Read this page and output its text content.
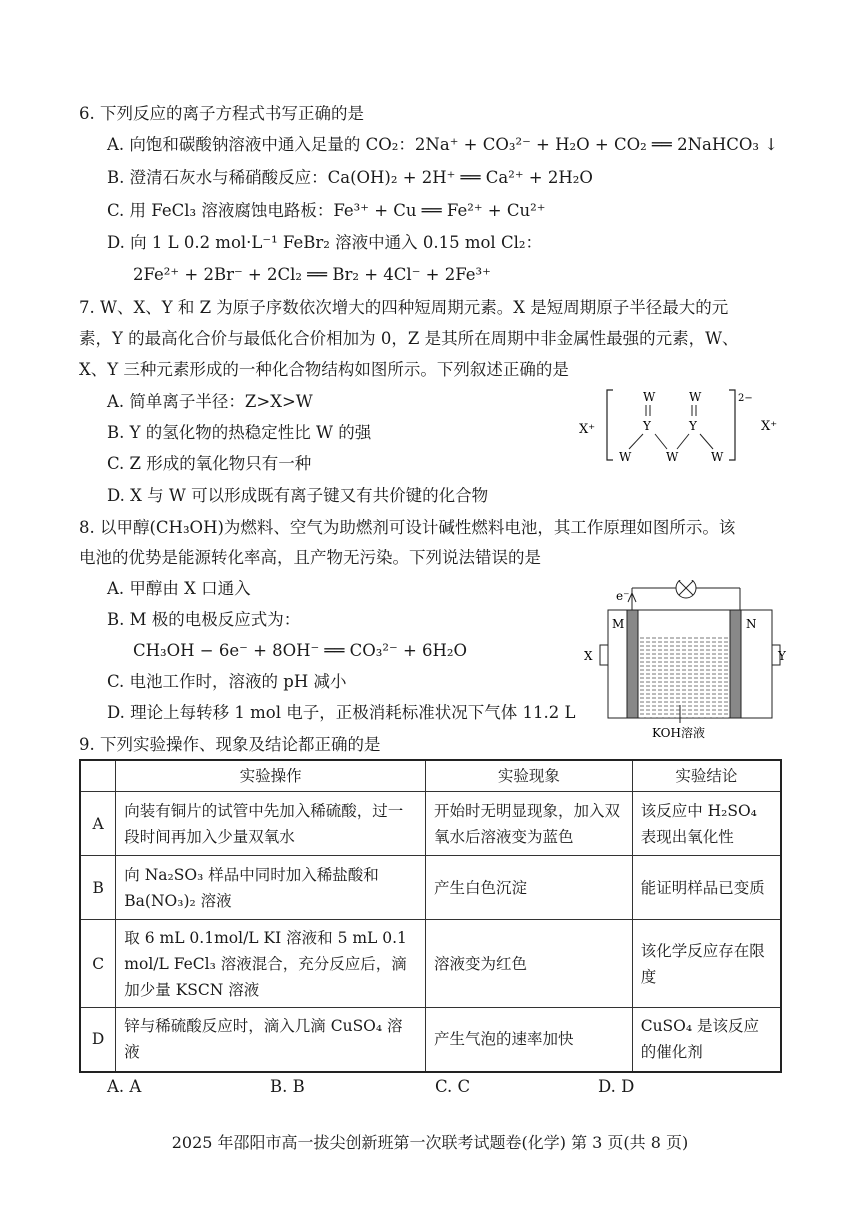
6. 下列反应的离子方程式书写正确的是
A. 向饱和碳酸钠溶液中通入足量的 CO₂：2Na⁺ + CO₃²⁻ + H₂O + CO₂ ══ 2NaHCO₃ ↓
B. 澄清石灰水与稀硝酸反应：Ca(OH)₂ + 2H⁺ ══ Ca²⁺ + 2H₂O
C. 用 FeCl₃ 溶液腐蚀电路板：Fe³⁺ + Cu ══ Fe²⁺ + Cu²⁺
D. 向 1 L 0.2 mol·L⁻¹ FeBr₂ 溶液中通入 0.15 mol Cl₂：
2Fe²⁺ + 2Br⁻ + 2Cl₂ ══ Br₂ + 4Cl⁻ + 2Fe³⁺
7. W、X、Y 和 Z 为原子序数依次增大的四种短周期元素。X 是短周期原子半径最大的元
素，Y 的最高化合价与最低化合价相加为 0，Z 是其所在周期中非金属性最强的元素，W、
X、Y 三种元素形成的一种化合物结构如图所示。下列叙述正确的是
A. 简单离子半径：Z>X>W
B. Y 的氢化物的热稳定性比 W 的强
C. Z 形成的氧化物只有一种
D. X 与 W 可以形成既有离子键又有共价键的化合物
X⁺	X⁺
2−
W	W
Y	Y
W	W	W
8. 以甲醇(CH₃OH)为燃料、空气为助燃剂可设计碱性燃料电池，其工作原理如图所示。该
电池的优势是能源转化率高，且产物无污染。下列说法错误的是
A. 甲醇由 X 口通入
B. M 极的电极反应式为：
CH₃OH − 6e⁻ + 8OH⁻ ══ CO₃²⁻ + 6H₂O
C. 电池工作时，溶液的 pH 减小
D. 理论上每转移 1 mol 电子，正极消耗标准状况下气体 11.2 L
e⁻
M	N
X	Y
KOH溶液
9. 下列实验操作、现象及结论都正确的是
	实验操作	实验现象	实验结论
A	向装有铜片的试管中先加入稀硫酸，过一段时间再加入少量双氧水	开始时无明显现象，加入双氧水后溶液变为蓝色	该反应中 H₂SO₄ 表现出氧化性
B	向 Na₂SO₃ 样品中同时加入稀盐酸和 Ba(NO₃)₂ 溶液	产生白色沉淀	能证明样品已变质
C	取 6 mL 0.1mol/L KI 溶液和 5 mL 0.1 mol/L FeCl₃ 溶液混合，充分反应后，滴加少量 KSCN 溶液	溶液变为红色	该化学反应存在限度
D	锌与稀硫酸反应时，滴入几滴 CuSO₄ 溶液	产生气泡的速率加快	CuSO₄ 是该反应的催化剂
A. A	B. B	C. C	D. D
2025 年邵阳市高一拔尖创新班第一次联考试题卷(化学) 第 3 页(共 8 页)
